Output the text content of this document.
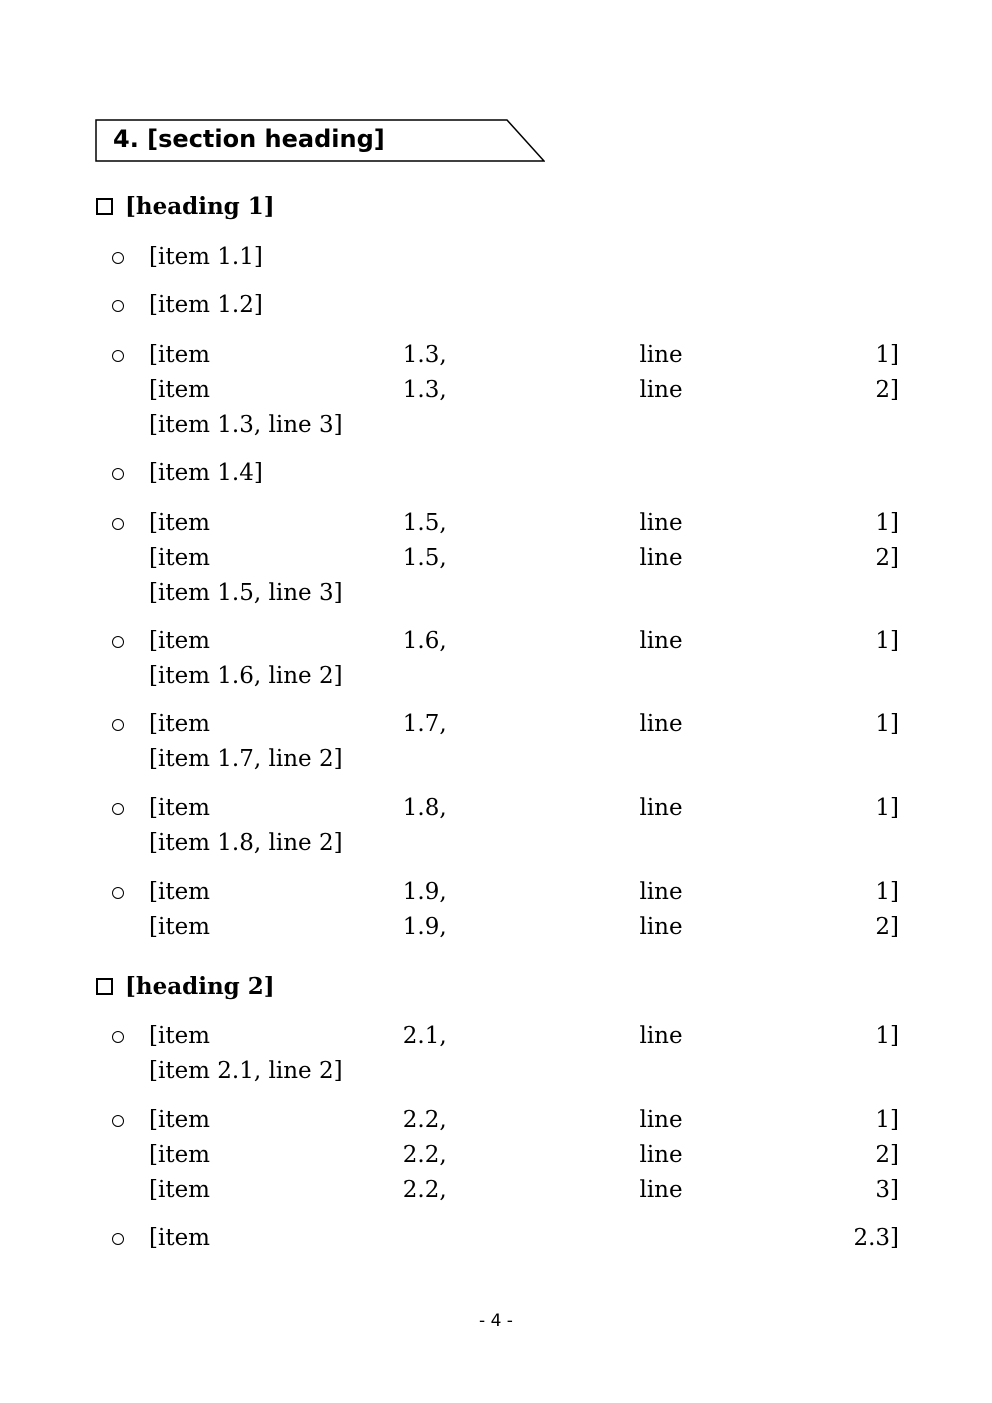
4. [section heading]
[heading 1]
[item 1.1]
[item 1.2]
[item 1.3, line 1]
[item 1.3, line 2]
[item 1.3, line 3]
[item 1.4]
[item 1.5, line 1]
[item 1.5, line 2]
[item 1.5, line 3]
[item 1.6, line 1]
[item 1.6, line 2]
[item 1.7, line 1]
[item 1.7, line 2]
[item 1.8, line 1]
[item 1.8, line 2]
[item 1.9, line 1]
[item 1.9, line 2]
[heading 2]
[item 2.1, line 1]
[item 2.1, line 2]
[item 2.2, line 1]
[item 2.2, line 2]
[item 2.2, line 3]
[item 2.3]
- 4 -
